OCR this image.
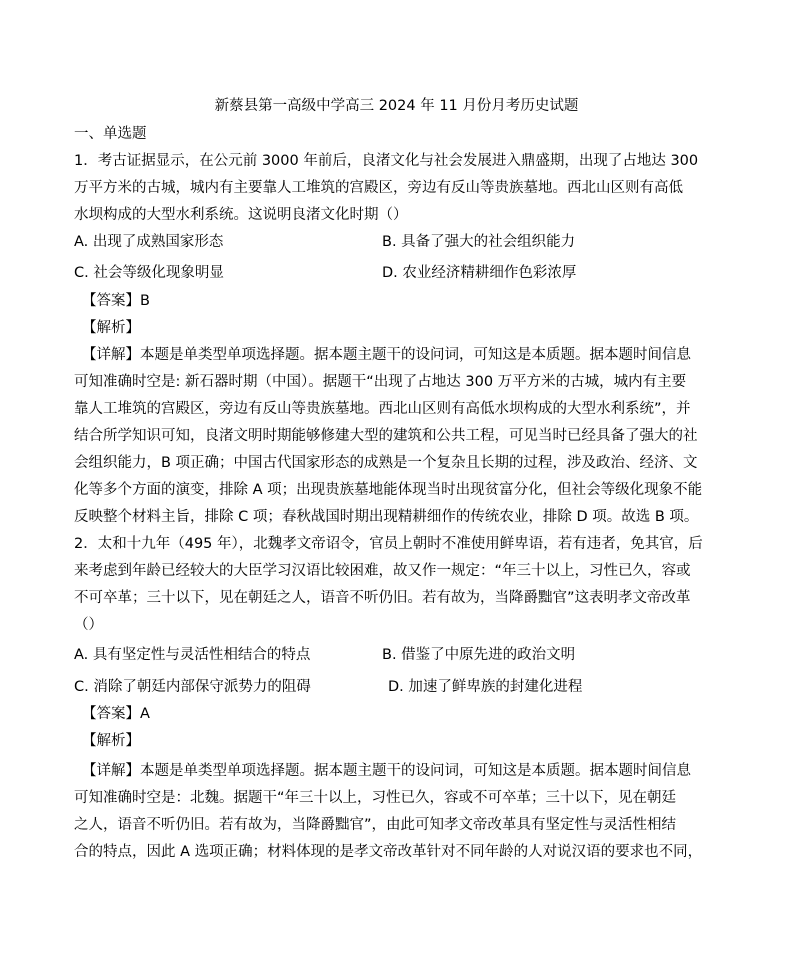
新蔡县第一高级中学高三 2024 年 11 月份月考历史试题
一、单选题
1．考古证据显示，在公元前 3000 年前后，良渚文化与社会发展进入鼎盛期，出现了占地达 300
万平方米的古城，城内有主要靠人工堆筑的宫殿区，旁边有反山等贵族墓地。西北山区则有高低
水坝构成的大型水利系统。这说明良渚文化时期（）
A. 出现了成熟国家形态	B. 具备了强大的社会组织能力
C. 社会等级化现象明显	D. 农业经济精耕细作色彩浓厚
【答案】B
【解析】
【详解】本题是单类型单项选择题。据本题主题干的设问词，可知这是本质题。据本题时间信息
可知准确时空是: 新石器时期（中国）。据题干“出现了占地达 300 万平方米的古城，城内有主要
靠人工堆筑的宫殿区，旁边有反山等贵族墓地。西北山区则有高低水坝构成的大型水利系统”，并
结合所学知识可知，良渚文明时期能够修建大型的建筑和公共工程，可见当时已经具备了强大的社
会组织能力，B 项正确；中国古代国家形态的成熟是一个复杂且长期的过程，涉及政治、经济、文
化等多个方面的演变，排除 A 项；出现贵族墓地能体现当时出现贫富分化，但社会等级化现象不能
反映整个材料主旨，排除 C 项；春秋战国时期出现精耕细作的传统农业，排除 D 项。故选 B 项。
2．太和十九年（495 年），北魏孝文帝诏令，官员上朝时不准使用鲜卑语，若有违者，免其官，后
来考虑到年龄已经较大的大臣学习汉语比较困难，故又作一规定：“年三十以上，习性已久，容或
不可卒革；三十以下，见在朝廷之人，语音不听仍旧。若有故为，当降爵黜官”这表明孝文帝改革
（）
A. 具有坚定性与灵活性相结合的特点	B. 借鉴了中原先进的政治文明
C. 消除了朝廷内部保守派势力的阻碍	D. 加速了鲜卑族的封建化进程
【答案】A
【解析】
【详解】本题是单类型单项选择题。据本题主题干的设问词，可知这是本质题。据本题时间信息
可知准确时空是：北魏。据题干“年三十以上，习性已久，容或不可卒革；三十以下，见在朝廷
之人，语音不听仍旧。若有故为，当降爵黜官”，由此可知孝文帝改革具有坚定性与灵活性相结
合的特点，因此 A 选项正确；材料体现的是孝文帝改革针对不同年龄的人对说汉语的要求也不同，
